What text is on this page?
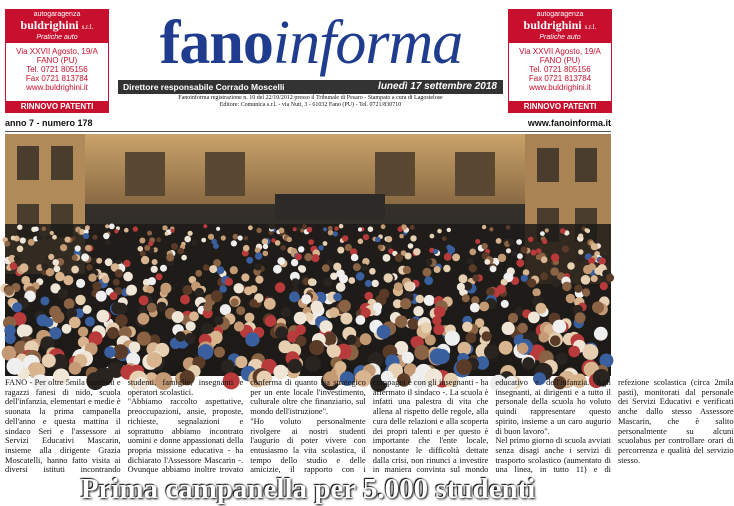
autogaragenza
buldrighini s.r.l.
Pratiche auto
Via XXVII Agosto, 19/A
FANO (PU)
Tel. 0721 805156
Fax 0721 813784
www.buldrighini.it
RINNOVO PATENTI
fanoinforma
Direttore responsabile Corrado Moscelli	lunedì 17 settembre 2018
Fanoinforma registrazione n. 10 del 22/10/2012 presso il Tribunale di Pesaro - Stampato a cura di Lagostelose
Editore: Comunica s.r.l. - via Nuti, 3 - 61032 Fano (PU) - Tel. 0721/830710
autogaragenza
buldrighini s.r.l.
Pratiche auto
Via XXVII Agosto, 19/A
FANO (PU)
Tel. 0721 805156
Fax 0721 813784
www.buldrighini.it
RINNOVO PATENTI
anno 7 - numero 178	www.fanoinforma.it
Prima campanella per 5.000 studenti

FANO - Per oltre 5mila bambini e ragazzi fanesi di nido, scuola dell'infanzia, elementari e medie è suonata la prima campanella dell'anno e questa mattina il sindaco Seri e l'assessore ai Servizi Educativi Mascarin, insieme alla dirigente Grazia Moscatelli, hanno fatto visita ai diversi istituti incontrando studenti, famiglie, insegnanti e operatori scolastici.

"Abbiamo raccolto aspettative, preoccupazioni, ansie, proposte, richieste, segnalazioni e soprattutto abbiamo incontrato uomini e donne appassionati della propria missione educativa - ha dichiarato l'Assessore Mascarin -. Ovunque abbiamo inoltre trovato conferma di quanto sia strategico per un ente locale l'investimento, culturale oltre che finanziario, sul mondo dell'istruzione".

"Ho voluto personalmente rivolgere ai nostri studenti l'augurio di poter vivere con entusiasmo la vita scolastica, il tempo dello studio e delle amicizie, il rapporto con i compagni e con gli insegnanti - ha affermato il sindaco -. La scuola è infatti una palestra di vita che allena al rispetto delle regole, alla cura delle relazioni e alla scoperta dei propri talenti e per questo è importante che l'ente locale, nonostante le difficoltà dettate dalla crisi, non rinunci a investire in maniera convinta sul mondo educativo e dell'infanzia. Agli insegnanti, ai dirigenti e a tutto il personale della scuola ho voluto quindi rappresentare questo spirito, insieme a un caro augurio di buon lavoro".

Nel primo giorno di scuola avviati senza disagi anche i servizi di trasporto scolastico (aumentato di una linea, in tutto 11) e di refezione scolastica (circa 2mila pasti), monitorati dal personale dei Servizi Educativi e verificati anche dallo stesso Assessore Mascarin, che è salito personalmente su alcuni scuolabus per controllare orari di percorrenza e qualità del servizio stesso.
